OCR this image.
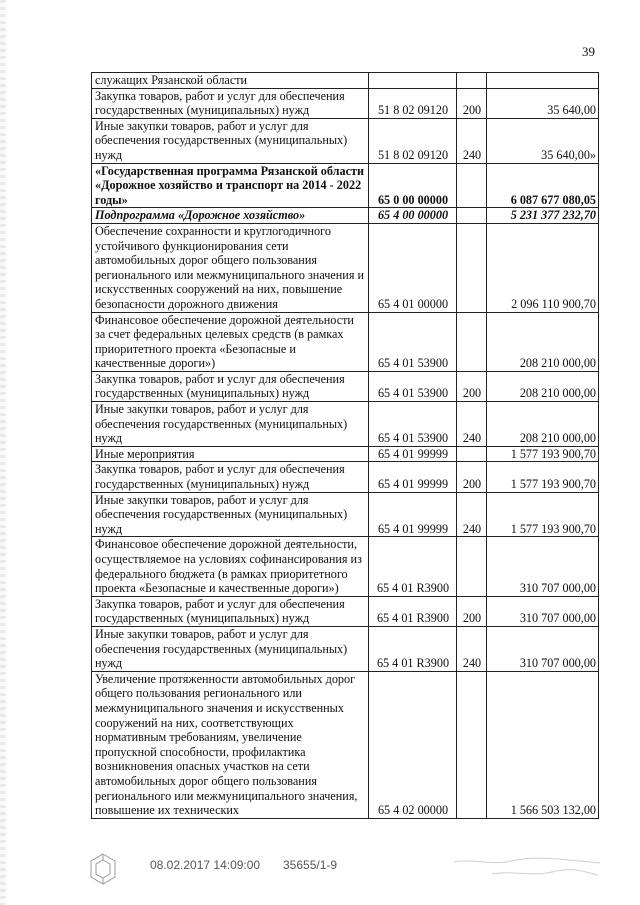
39
служащих Рязанской области			
Закупка товаров, работ и услуг для обеспечения государственных (муниципальных) нужд	51 8 02 09120	200	35 640,00
Иные закупки товаров, работ и услуг для обеспечения государственных (муниципальных) нужд	51 8 02 09120	240	35 640,00»
«Государственная программа Рязанской области «Дорожное хозяйство и транспорт на 2014 - 2022 годы»	65 0 00 00000		6 087 677 080,05
Подпрограмма «Дорожное хозяйство»	65 4 00 00000		5 231 377 232,70
Обеспечение сохранности и круглогодичного устойчивого функционирования сети автомобильных дорог общего пользования регионального или межмуниципального значения и искусственных сооружений на них, повышение безопасности дорожного движения	65 4 01 00000		2 096 110 900,70
Финансовое обеспечение дорожной деятельности за счет федеральных целевых средств (в рамках приоритетного проекта «Безопасные и качественные дороги»)	65 4 01 53900		208 210 000,00
Закупка товаров, работ и услуг для обеспечения государственных (муниципальных) нужд	65 4 01 53900	200	208 210 000,00
Иные закупки товаров, работ и услуг для обеспечения государственных (муниципальных) нужд	65 4 01 53900	240	208 210 000,00
Иные мероприятия	65 4 01 99999		1 577 193 900,70
Закупка товаров, работ и услуг для обеспечения государственных (муниципальных) нужд	65 4 01 99999	200	1 577 193 900,70
Иные закупки товаров, работ и услуг для обеспечения государственных (муниципальных) нужд	65 4 01 99999	240	1 577 193 900,70
Финансовое обеспечение дорожной деятельности, осуществляемое на условиях софинансирования из федерального бюджета (в рамках приоритетного проекта «Безопасные и качественные дороги»)	65 4 01 R3900		310 707 000,00
Закупка товаров, работ и услуг для обеспечения государственных (муниципальных) нужд	65 4 01 R3900	200	310 707 000,00
Иные закупки товаров, работ и услуг для обеспечения государственных (муниципальных) нужд	65 4 01 R3900	240	310 707 000,00
Увеличение протяженности автомобильных дорог общего пользования регионального или межмуниципального значения и искусственных сооружений на них, соответствующих нормативным требованиям, увеличение пропускной способности, профилактика возникновения опасных участков на сети автомобильных дорог общего пользования регионального или межмуниципального значения, повышение их технических	65 4 02 00000		1 566 503 132,00
08.02.2017 14:09:00 35655/1-9
